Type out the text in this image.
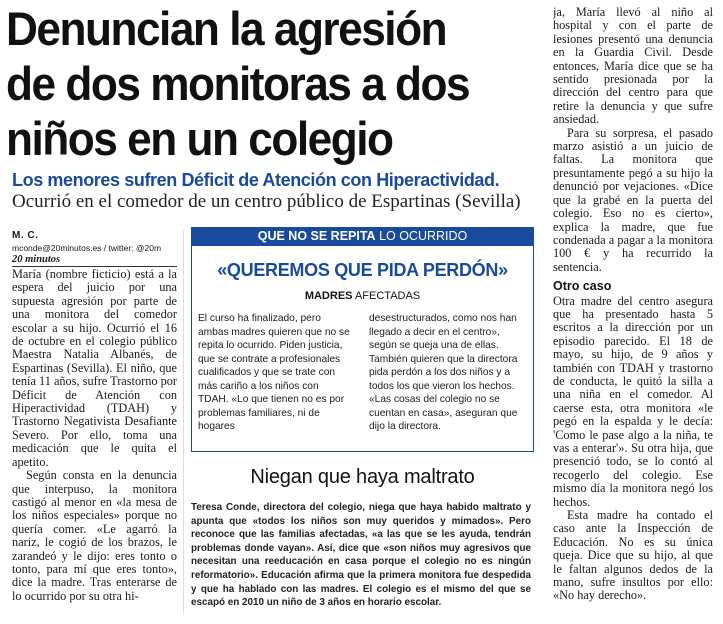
Denuncian la agresión
de dos monitoras a dos
niños en un colegio
Los menores sufren Déficit de Atención con Hiperactividad. Ocurrió en el comedor de un centro público de Espartinas (Sevilla)
M. C.
mconde@20minutos.es / twitter: @20m
20 minutos

María (nombre ficticio) está a la espera del juicio por una supuesta agresión por parte de una monitora del comedor escolar a su hijo. Ocurrió el 16 de octubre en el colegio público Maestra Natalia Albanés, de Espartinas (Sevilla). El niño, que tenía 11 años, sufre Trastorno por Déficit de Atención con Hiperactividad (TDAH) y Trastorno Negativista Desafiante Severo. Por ello, toma una medicación que le quita el apetito.

Según consta en la denuncia que interpuso, la monitora castigó al menor en «la mesa de los niños especiales» porque no quería comer. «Le agarró la nariz, le cogió de los brazos, le zarandeó y le dijo: eres tonto o tonto, para mí que eres tonto», dice la madre. Tras enterarse de lo ocurrido por su otra hi-

QUE NO SE REPITA LO OCURRIDO
«QUEREMOS QUE PIDA PERDÓN»
MADRES AFECTADAS
El curso ha finalizado, pero ambas madres quieren que no se repita lo ocurrido. Piden justicia, que se contrate a profesionales cualificados y que se trate con más cariño a los niños con TDAH. «Lo que tienen no es por problemas familiares, ni de hogares
desestructurados, como nos han llegado a decir en el centro», según se queja una de ellas. También quieren que la directora pida perdón a los dos niños y a todos los que vieron los hechos. «Las cosas del colegio no se cuentan en casa», aseguran que dijo la directora.
Niegan que haya maltrato
Teresa Conde, directora del colegio, niega que haya habido maltrato y apunta que «todos los niños son muy queridos y mimados». Pero reconoce que las familias afectadas, «a las que se les ayuda, tendrán problemas donde vayan». Así, dice que «son niños muy agresivos que necesitan una reeducación en casa porque el colegio no es ningún reformatorio». Educación afirma que la primera monitora fue despedida y que ha hablado con las madres. El colegio es el mismo del que se escapó en 2010 un niño de 3 años en horario escolar.

ja, María llevó al niño al hospital y con el parte de lesiones presentó una denuncia en la Guardia Civil. Desde entonces, María dice que se ha sentido presionada por la dirección del centro para que retire la denuncia y que sufre ansiedad.

Para su sorpresa, el pasado marzo asistió a un juicio de faltas. La monitora que presuntamente pegó a su hijo la denunció por vejaciones. «Dice que la grabé en la puerta del colegio. Eso no es cierto», explica la madre, que fue condenada a pagar a la monitora 100 € y ha recurrido la sentencia.

Otro caso

Otra madre del centro asegura que ha presentado hasta 5 escritos a la dirección por un episodio parecido. El 18 de mayo, su hijo, de 9 años y también con TDAH y trastorno de conducta, le quitó la silla a una niña en el comedor. Al caerse esta, otra monitora «le pegó en la espalda y le decía: 'Como le pase algo a la niña, te vas a enterar'». Su otra hija, que presenció todo, se lo contó al recogerlo del colegio. Ese mismo día la monitora negó los hechos.

Esta madre ha contado el caso ante la Inspección de Educación. No es su única queja. Dice que su hijo, al que le faltan algunos dedos de la mano, sufre insultos por ello: «No hay derecho».
